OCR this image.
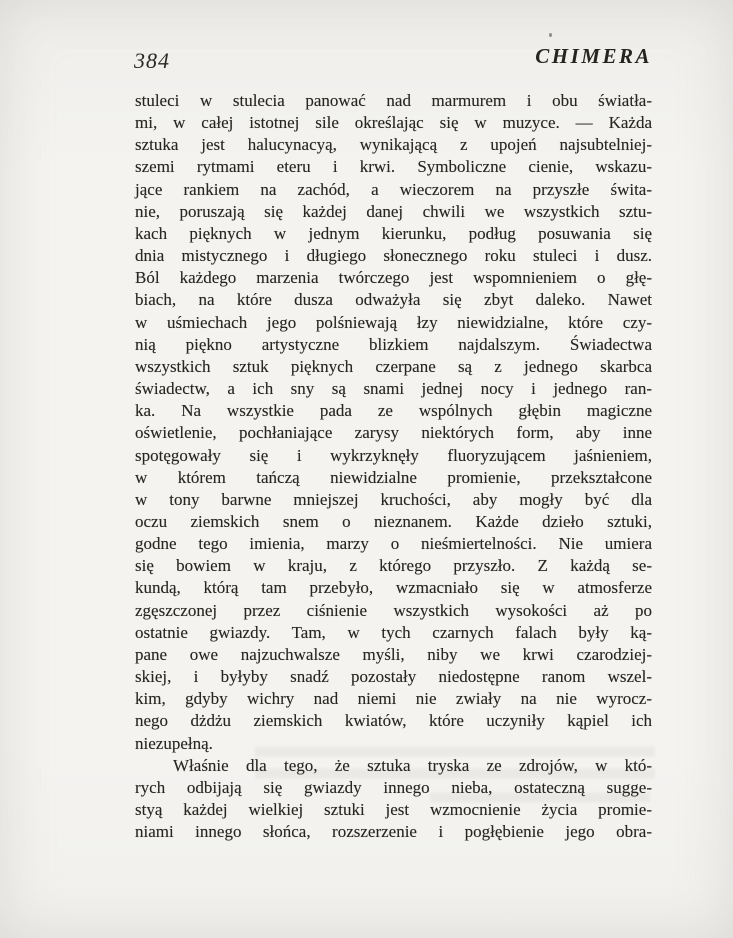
384	CHIMERA
stuleci w stulecia panować nad marmurem i obu światła-
mi, w całej istotnej sile określając się w muzyce. — Każda
sztuka jest halucynacyą, wynikającą z upojeń najsubtelniej-
szemi rytmami eteru i krwi. Symboliczne cienie, wskazu-
jące rankiem na zachód, a wieczorem na przyszłe świta-
nie, poruszają się każdej danej chwili we wszystkich sztu-
kach pięknych w jednym kierunku, podług posuwania się
dnia mistycznego i długiego słonecznego roku stuleci i dusz.
Ból każdego marzenia twórczego jest wspomnieniem o głę-
biach, na które dusza odważyła się zbyt daleko. Nawet
w uśmiechach jego polśniewają łzy niewidzialne, które czy-
nią piękno artystyczne blizkiem najdalszym. Świadectwa
wszystkich sztuk pięknych czerpane są z jednego skarbca
świadectw, a ich sny są snami jednej nocy i jednego ran-
ka. Na wszystkie pada ze wspólnych głębin magiczne
oświetlenie, pochłaniające zarysy niektórych form, aby inne
spotęgowały się i wykrzyknęły fluoryzującem jaśnieniem,
w którem tańczą niewidzialne promienie, przekształcone
w tony barwne mniejszej kruchości, aby mogły być dla
oczu ziemskich snem o nieznanem. Każde dzieło sztuki,
godne tego imienia, marzy o nieśmiertelności. Nie umiera
się bowiem w kraju, z którego przyszło. Z każdą se-
kundą, którą tam przebyło, wzmacniało się w atmosferze
zgęszczonej przez ciśnienie wszystkich wysokości aż po
ostatnie gwiazdy. Tam, w tych czarnych falach były ką-
pane owe najzuchwalsze myśli, niby we krwi czarodziej-
skiej, i byłyby snadź pozostały niedostępne ranom wszel-
kim, gdyby wichry nad niemi nie zwiały na nie wyrocz-
nego dżdżu ziemskich kwiatów, które uczyniły kąpiel ich
niezupełną.
Właśnie dla tego, że sztuka tryska ze zdrojów, w któ-
rych odbijają się gwiazdy innego nieba, ostateczną sugge-
styą każdej wielkiej sztuki jest wzmocnienie życia promie-
niami innego słońca, rozszerzenie i pogłębienie jego obra-
